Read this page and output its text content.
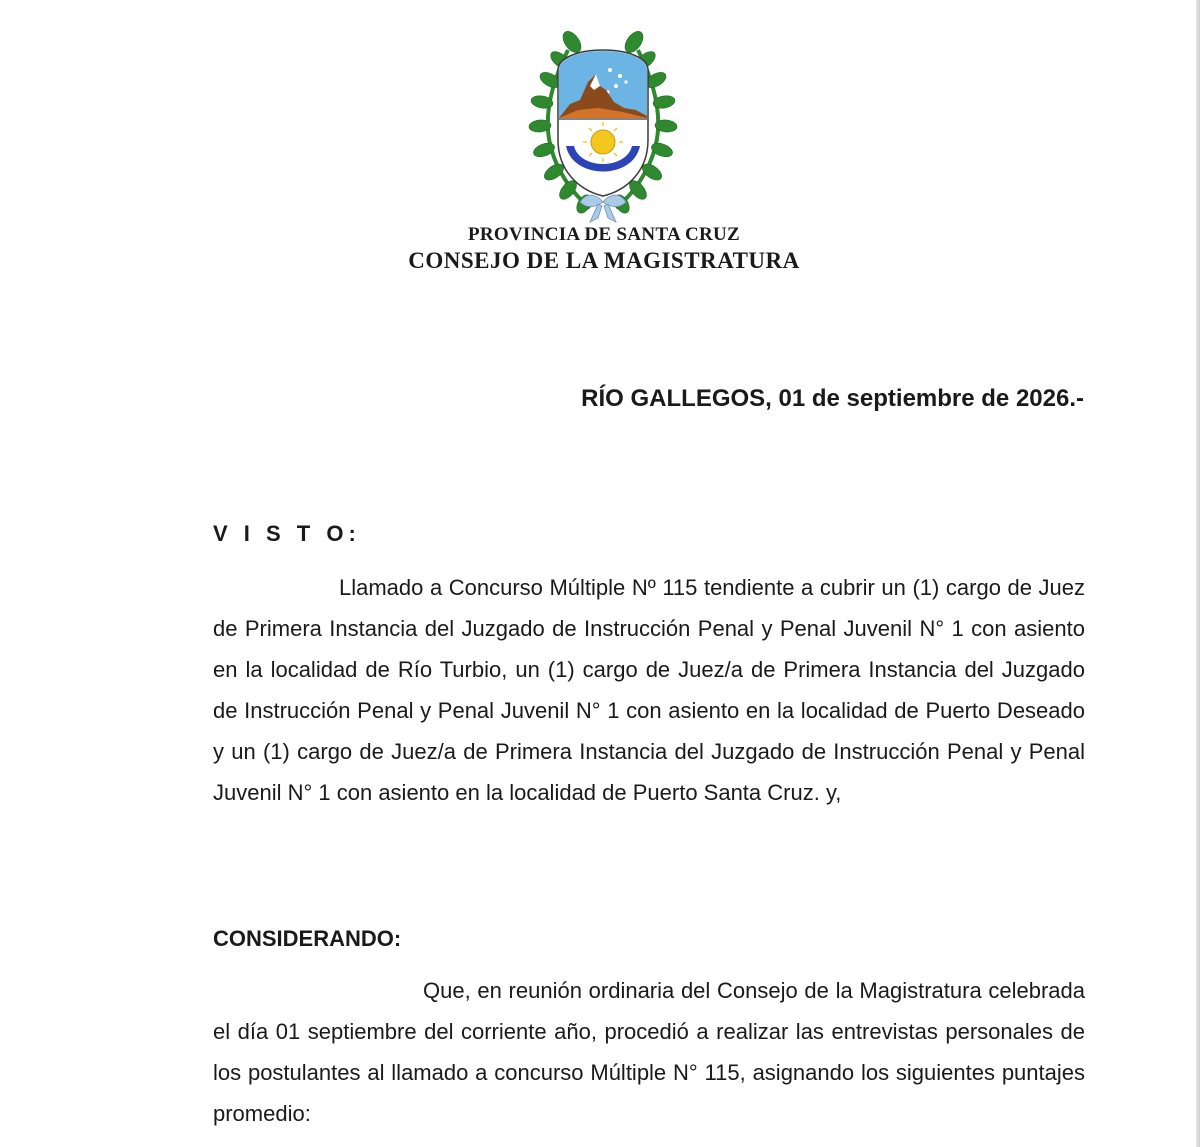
PROVINCIA DE SANTA CRUZ
CONSEJO DE LA MAGISTRATURA
RÍO GALLEGOS, 01 de septiembre de 2026.-
V I S T O:

Llamado a Concurso Múltiple Nº 115 tendiente a cubrir un (1) cargo de Juez de Primera Instancia del Juzgado de Instrucción Penal y Penal Juvenil N° 1 con asiento en la localidad de Río Turbio, un (1) cargo de Juez/a de Primera Instancia del Juzgado de Instrucción Penal y Penal Juvenil N° 1 con asiento en la localidad de Puerto Deseado y un (1) cargo de Juez/a de Primera Instancia del Juzgado de Instrucción Penal y Penal Juvenil N° 1 con asiento en la localidad de Puerto Santa Cruz. y,

CONSIDERANDO:

Que, en reunión ordinaria del Consejo de la Magistratura celebrada el día 01 septiembre del corriente año, procedió a realizar las entrevistas personales de los postulantes al llamado a concurso Múltiple N° 115, asignando los siguientes puntajes promedio:
